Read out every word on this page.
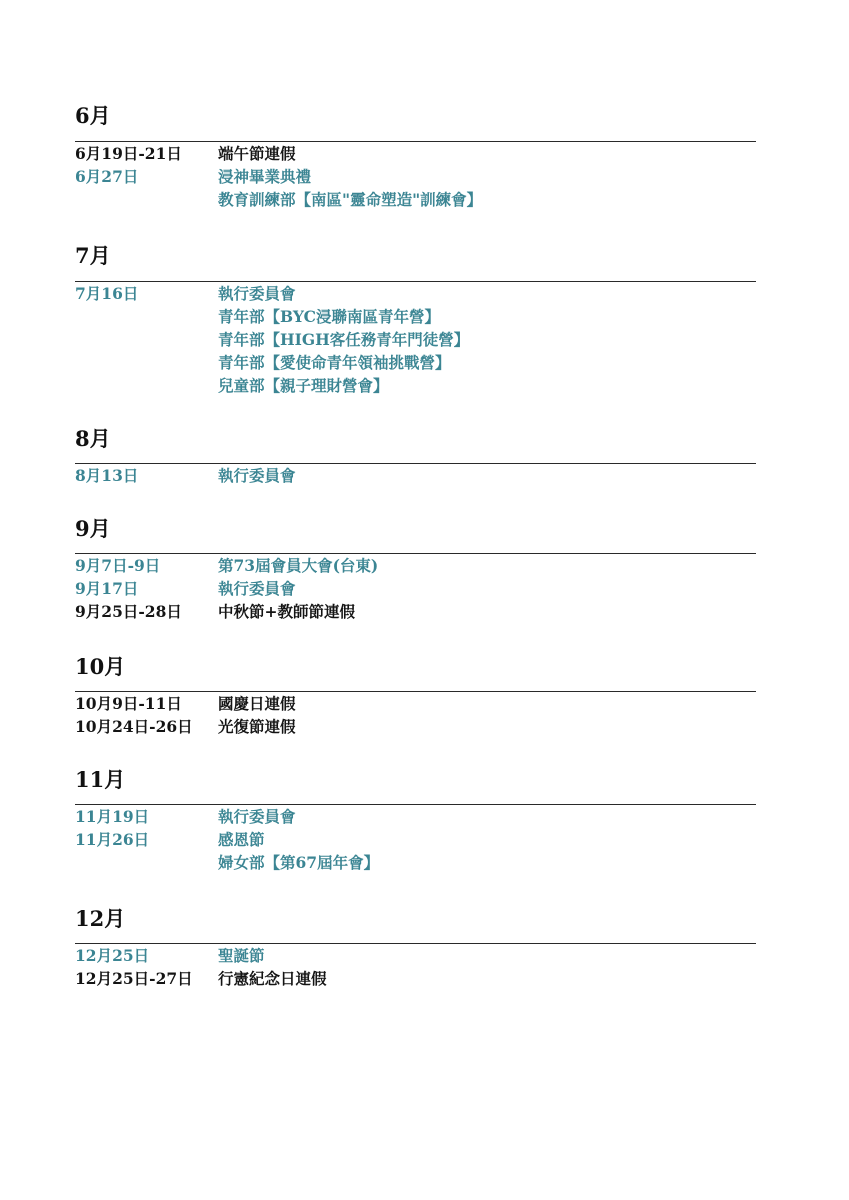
6月
6月19日-21日	端午節連假
6月27日	浸神畢業典禮
教育訓練部【南區"靈命塑造"訓練會】
7月
7月16日	執行委員會
青年部【BYC浸聯南區青年營】
青年部【HIGH客任務青年門徒營】
青年部【愛使命青年領袖挑戰營】
兒童部【親子理財營會】
8月
8月13日	執行委員會
9月
9月7日-9日	第73屆會員大會(台東)
9月17日	執行委員會
9月25日-28日	中秋節+教師節連假
10月
10月9日-11日	國慶日連假
10月24日-26日	光復節連假
11月
11月19日	執行委員會
11月26日	感恩節
婦女部【第67屆年會】
12月
12月25日	聖誕節
12月25日-27日	行憲紀念日連假
